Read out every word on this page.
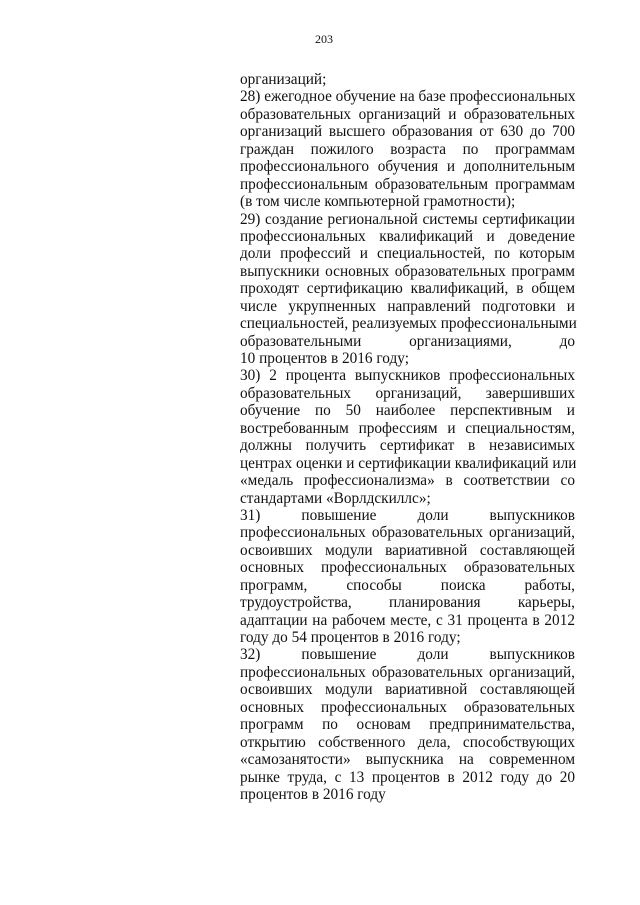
203
организаций;
28) ежегодное обучение на базе профессиональных
образовательных организаций и образовательных
организаций высшего образования от 630 до 700
граждан пожилого возраста по программам
профессионального обучения и дополнительным
профессиональным образовательным программам
(в том числе компьютерной грамотности);
29) создание региональной системы сертификации
профессиональных квалификаций и доведение
доли профессий и специальностей, по которым
выпускники основных образовательных программ
проходят сертификацию квалификаций, в общем
числе укрупненных направлений подготовки и
специальностей, реализуемых профессиональными
образовательными организациями, до
10 процентов в 2016 году;
30) 2 процента выпускников профессиональных
образовательных организаций, завершивших
обучение по 50 наиболее перспективным и
востребованным профессиям и специальностям,
должны получить сертификат в независимых
центрах оценки и сертификации квалификаций или
«медаль профессионализма» в соответствии со
стандартами «Ворлдскиллс»;
31) повышение доли выпускников
профессиональных образовательных организаций,
освоивших модули вариативной составляющей
основных профессиональных образовательных
программ, способы поиска работы,
трудоустройства, планирования карьеры,
адаптации на рабочем месте, с 31 процента в 2012
году до 54 процентов в 2016 году;
32) повышение доли выпускников
профессиональных образовательных организаций,
освоивших модули вариативной составляющей
основных профессиональных образовательных
программ по основам предпринимательства,
открытию собственного дела, способствующих
«самозанятости» выпускника на современном
рынке труда, с 13 процентов в 2012 году до 20
процентов в 2016 году
